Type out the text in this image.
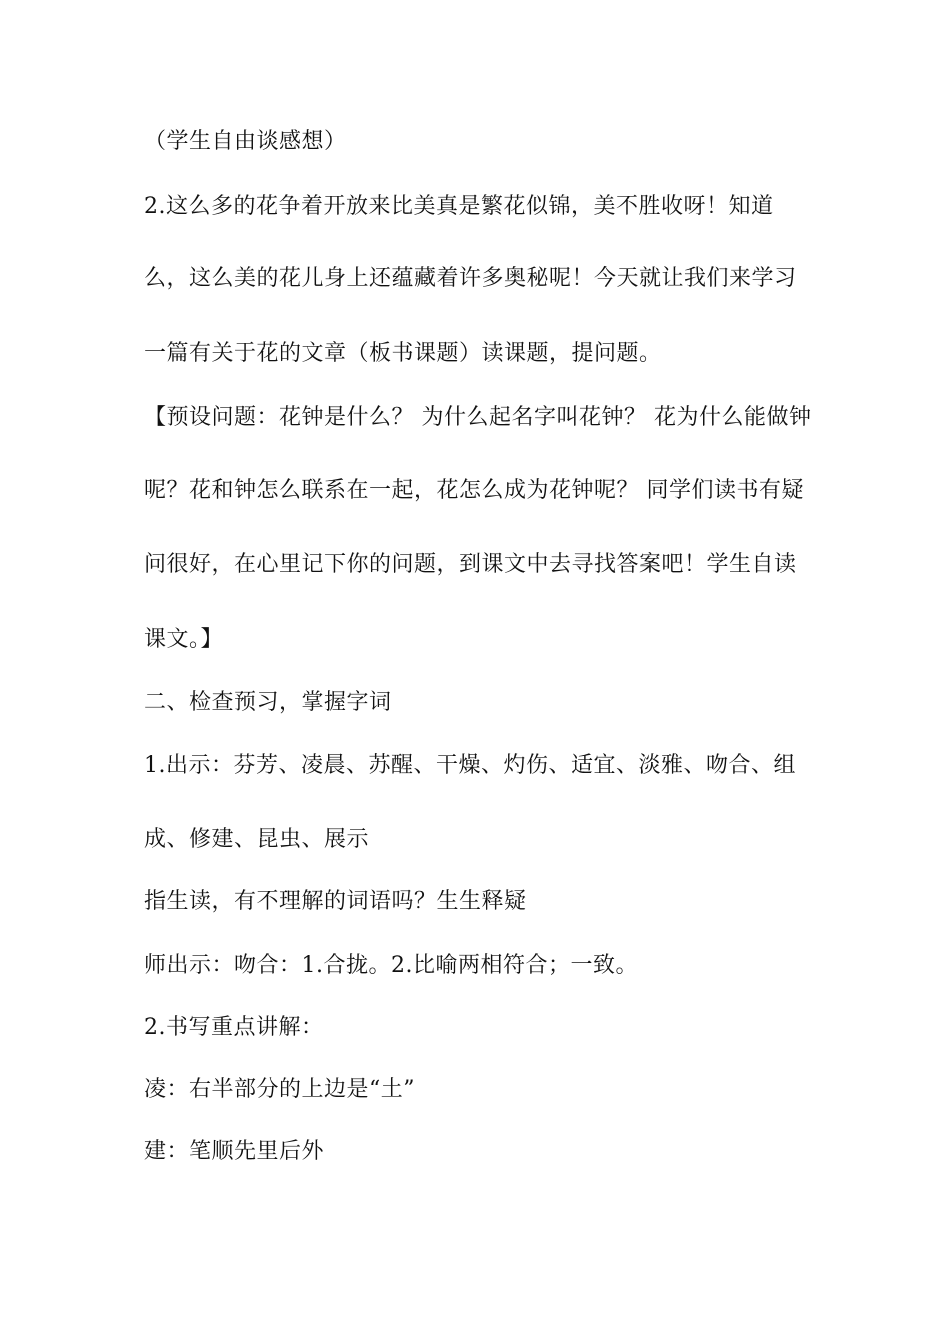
（学生自由谈感想）
2.这么多的花争着开放来比美真是繁花似锦，美不胜收呀！知道
么，这么美的花儿身上还蕴藏着许多奥秘呢！今天就让我们来学习
一篇有关于花的文章（板书课题）读课题，提问题。
【预设问题：花钟是什么？ 为什么起名字叫花钟？ 花为什么能做钟
呢？花和钟怎么联系在一起，花怎么成为花钟呢？ 同学们读书有疑
问很好，在心里记下你的问题，到课文中去寻找答案吧！学生自读
课文。】
二、检查预习，掌握字词
1.出示：芬芳、凌晨、苏醒、干燥、灼伤、适宜、淡雅、吻合、组
成、修建、昆虫、展示
指生读，有不理解的词语吗？生生释疑
师出示：吻合：1.合拢。2.比喻两相符合；一致。
2.书写重点讲解：
凌：右半部分的上边是“土”
建：笔顺先里后外
